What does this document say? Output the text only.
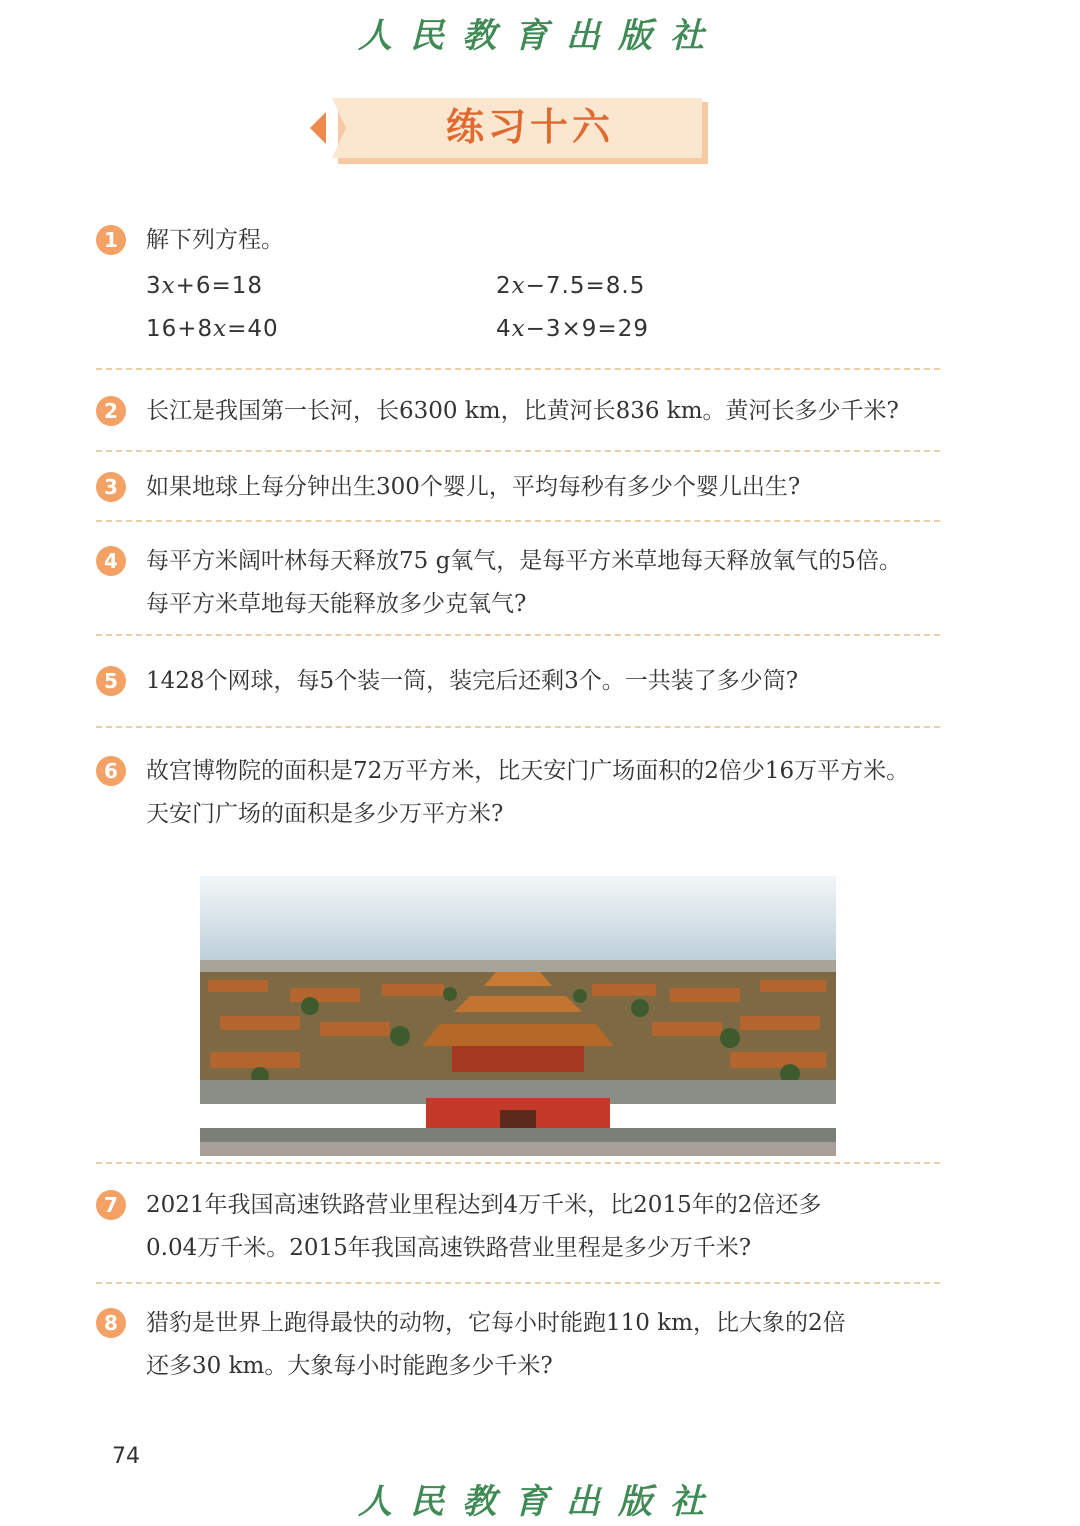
人民教育出版社
练习十六
1	解下列方程。
3x+6=18	2x−7.5=8.5
16+8x=40	4x−3×9=29
2	长江是我国第一长河，长6300 km，比黄河长836 km。黄河长多少千米?
3	如果地球上每分钟出生300个婴儿，平均每秒有多少个婴儿出生?
4	每平方米阔叶林每天释放75 g氧气，是每平方米草地每天释放氧气的5倍。
每平方米草地每天能释放多少克氧气?
5	1428个网球，每5个装一筒，装完后还剩3个。一共装了多少筒?
6	故宫博物院的面积是72万平方米，比天安门广场面积的2倍少16万平方米。
天安门广场的面积是多少万平方米?
7	2021年我国高速铁路营业里程达到4万千米，比2015年的2倍还多
0.04万千米。2015年我国高速铁路营业里程是多少万千米?
8	猎豹是世界上跑得最快的动物，它每小时能跑110 km，比大象的2倍
还多30 km。大象每小时能跑多少千米?
74
人民教育出版社
